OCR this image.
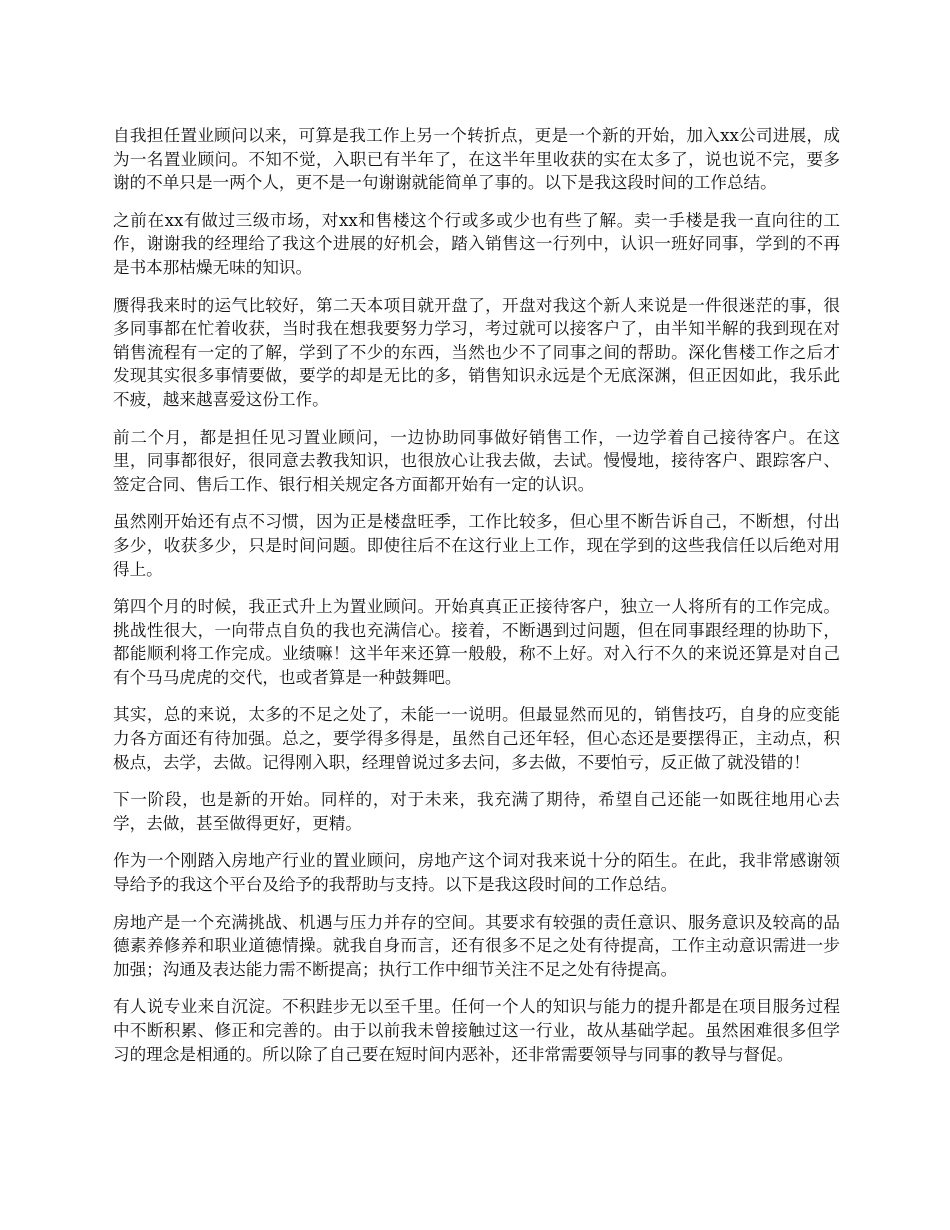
自我担任置业顾问以来，可算是我工作上另一个转折点，更是一个新的开始，加入xx公司进展，成为一名置业顾问。不知不觉，入职已有半年了，在这半年里收获的实在太多了，说也说不完，要多谢的不单只是一两个人，更不是一句谢谢就能简单了事的。以下是我这段时间的工作总结。

之前在xx有做过三级市场，对xx和售楼这个行或多或少也有些了解。卖一手楼是我一直向往的工作，谢谢我的经理给了我这个进展的好机会，踏入销售这一行列中，认识一班好同事，学到的不再是书本那枯燥无味的知识。

赝得我来时的运气比较好，第二天本项目就开盘了，开盘对我这个新人来说是一件很迷茫的事，很多同事都在忙着收获，当时我在想我要努力学习，考过就可以接客户了，由半知半解的我到现在对销售流程有一定的了解，学到了不少的东西，当然也少不了同事之间的帮助。深化售楼工作之后才发现其实很多事情要做，要学的却是无比的多，销售知识永远是个无底深渊，但正因如此，我乐此不疲，越来越喜爱这份工作。

前二个月，都是担任见习置业顾问，一边协助同事做好销售工作，一边学着自己接待客户。在这里，同事都很好，很同意去教我知识，也很放心让我去做，去试。慢慢地，接待客户、跟踪客户、签定合同、售后工作、银行相关规定各方面都开始有一定的认识。

虽然刚开始还有点不习惯，因为正是楼盘旺季，工作比较多，但心里不断告诉自己，不断想，付出多少，收获多少，只是时间问题。即使往后不在这行业上工作，现在学到的这些我信任以后绝对用得上。

第四个月的时候，我正式升上为置业顾问。开始真真正正接待客户，独立一人将所有的工作完成。挑战性很大，一向带点自负的我也充满信心。接着，不断遇到过问题，但在同事跟经理的协助下，都能顺利将工作完成。业绩嘛！这半年来还算一般般，称不上好。对入行不久的来说还算是对自己有个马马虎虎的交代，也或者算是一种鼓舞吧。

其实，总的来说，太多的不足之处了，未能一一说明。但最显然而见的，销售技巧，自身的应变能力各方面还有待加强。总之，要学得多得是，虽然自己还年轻，但心态还是要摆得正，主动点，积极点，去学，去做。记得刚入职，经理曾说过多去问，多去做，不要怕亏，反正做了就没错的！

下一阶段，也是新的开始。同样的，对于未来，我充满了期待，希望自己还能一如既往地用心去学，去做，甚至做得更好，更精。

作为一个刚踏入房地产行业的置业顾问，房地产这个词对我来说十分的陌生。在此，我非常感谢领导给予的我这个平台及给予的我帮助与支持。以下是我这段时间的工作总结。

房地产是一个充满挑战、机遇与压力并存的空间。其要求有较强的责任意识、服务意识及较高的品德素养修养和职业道德情操。就我自身而言，还有很多不足之处有待提高，工作主动意识需进一步加强；沟通及表达能力需不断提高；执行工作中细节关注不足之处有待提高。

有人说专业来自沉淀。不积跬步无以至千里。任何一个人的知识与能力的提升都是在项目服务过程中不断积累、修正和完善的。由于以前我未曾接触过这一行业，故从基础学起。虽然困难很多但学习的理念是相通的。所以除了自己要在短时间内恶补，还非常需要领导与同事的教导与督促。
